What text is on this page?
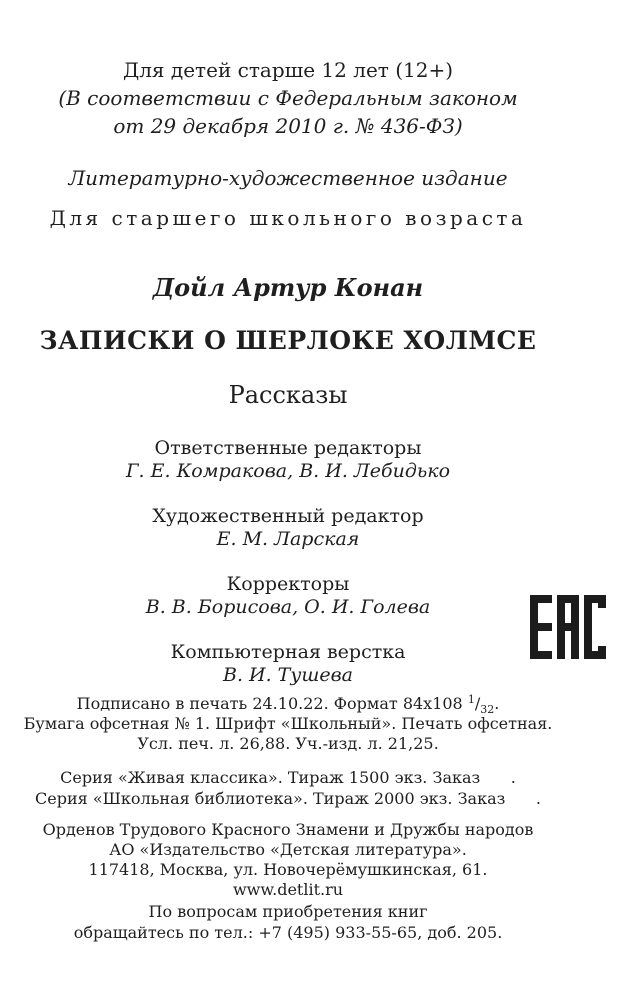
Для детей старше 12 лет (12+)
(В соответствии с Федеральным законом
от 29 декабря 2010 г. № 436-ФЗ)
Литературно-художественное издание
Для старшего школьного возраста
Дойл Артур Конан
ЗАПИСКИ О ШЕРЛОКЕ ХОЛМСЕ
Рассказы
Ответственные редакторы
Г. Е. Комракова, В. И. Лебидько
Художественный редактор
Е. М. Ларская
Корректоры
В. В. Борисова, О. И. Голева
Компьютерная верстка
В. И. Тушева
Подписано в печать 24.10.22. Формат 84х108 $^1/_{32}$.
Бумага офсетная № 1. Шрифт «Школьный». Печать офсетная.
Усл. печ. л. 26,88. Уч.-изд. л. 21,25.
Серия «Живая классика». Тираж 1500 экз. Заказ      .
Серия «Школьная библиотека». Тираж 2000 экз. Заказ      .
Орденов Трудового Красного Знамени и Дружбы народов
АО «Издательство «Детская литература».
117418, Москва, ул. Новочерёмушкинская, 61.
www.detlit.ru
По вопросам приобретения книг
обращайтесь по тел.: +7 (495) 933-55-65, доб. 205.
